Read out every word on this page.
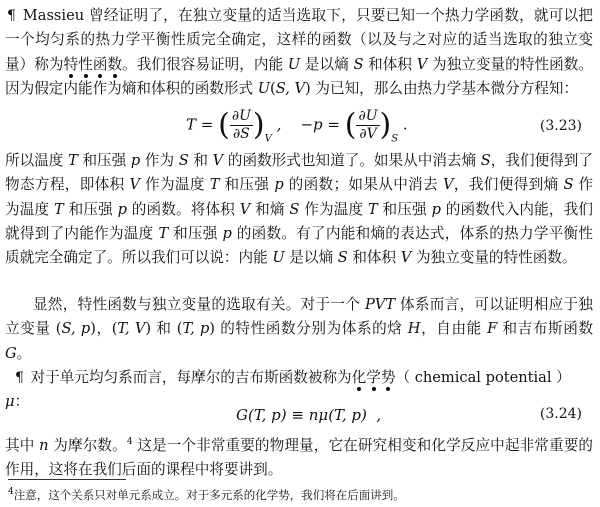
¶ Massieu 曾经证明了，在独立变量的适当选取下，只要已知一个热力学函数，就可以把一个均匀系的热力学平衡性质完全确定，这样的函数（以及与之对应的适当选取的独立变量）称为特性函数。我们很容易证明，内能 U 是以熵 S 和体积 V 为独立变量的特性函数。因为假定内能作为熵和体积的函数形式 U(S, V) 为已知，那么由热力学基本微分方程知：

T = ( $\frac{\partial U}{\partial S} )_V$ ,    −p = ( $\frac{\partial U}{\partial V} )_S$ .	(3.23)

所以温度 T 和压强 p 作为 S 和 V 的函数形式也知道了。如果从中消去熵 S，我们便得到了物态方程，即体积 V 作为温度 T 和压强 p 的函数；如果从中消去 V，我们便得到熵 S 作为温度 T 和压强 p 的函数。将体积 V 和熵 S 作为温度 T 和压强 p 的函数代入内能，我们就得到了内能作为温度 T 和压强 p 的函数。有了内能和熵的表达式，体系的热力学平衡性质就完全确定了。所以我们可以说：内能 U 是以熵 S 和体积 V 为独立变量的特性函数。

显然，特性函数与独立变量的选取有关。对于一个 PVT 体系而言，可以证明相应于独立变量 (S, p)，(T, V) 和 (T, p) 的特性函数分别为体系的焓 H，自由能 F 和吉布斯函数 G。

¶ 对于单元均匀系而言，每摩尔的吉布斯函数被称为化学势（ chemical potential ）
μ：

G(T, p) ≡ nμ(T, p)  ,	(3.24)

其中 n 为摩尔数。$^4$ 这是一个非常重要的物理量，它在研究相变和化学反应中起非常重要的作用，这将在我们后面的课程中将要讲到。

$^4$注意，这个关系只对单元系成立。对于多元系的化学势，我们将在后面讲到。
